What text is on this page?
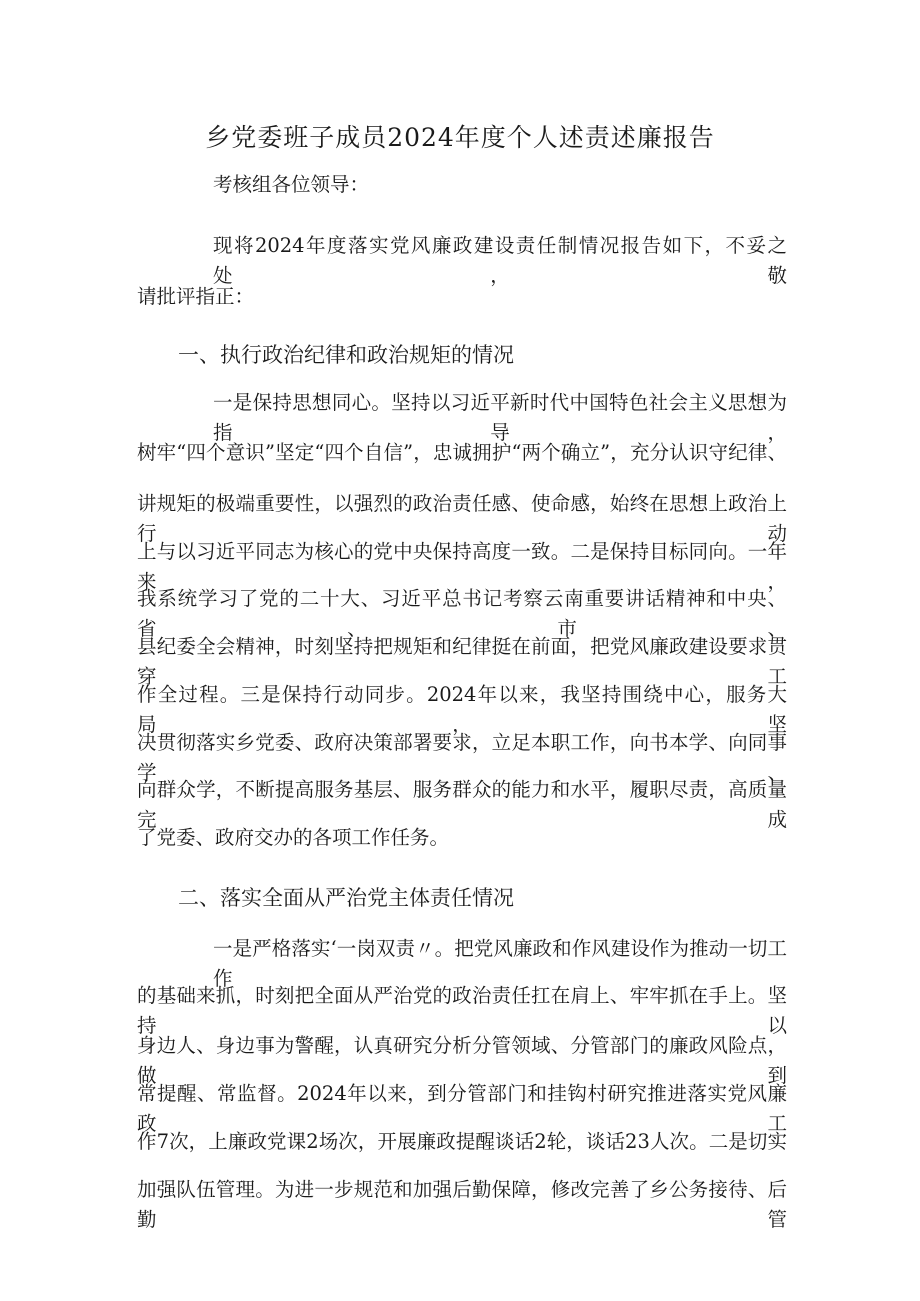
乡党委班子成员2024年度个人述责述廉报告
考核组各位领导：
现将2024年度落实党风廉政建设责任制情况报告如下，不妥之处，敬
请批评指正：
一、执行政治纪律和政治规矩的情况
一是保持思想同心。坚持以习近平新时代中国特色社会主义思想为指导，
树牢“四个意识”坚定“四个自信”，忠诚拥护“两个确立”，充分认识守纪律、
讲规矩的极端重要性，以强烈的政治责任感、使命感，始终在思想上政治上行动
上与以习近平同志为核心的党中央保持高度一致。二是保持目标同向。一年来，
我系统学习了党的二十大、习近平总书记考察云南重要讲话精神和中央、省、市、
县纪委全会精神，时刻坚持把规矩和纪律挺在前面，把党风廉政建设要求贯穿工
作全过程。三是保持行动同步。2024年以来，我坚持围绕中心，服务大局，坚
决贯彻落实乡党委、政府决策部署要求，立足本职工作，向书本学、向同事学、
向群众学，不断提高服务基层、服务群众的能力和水平，履职尽责，高质量完成
了党委、政府交办的各项工作任务。
二、落实全面从严治党主体责任情况
一是严格落实‘一岗双责〃。把党风廉政和作风建设作为推动一切工作
的基础来抓，时刻把全面从严治党的政治责任扛在肩上、牢牢抓在手上。坚持以
身边人、身边事为警醒，认真研究分析分管领域、分管部门的廉政风险点，做到
常提醒、常监督。2024年以来，到分管部门和挂钩村研究推进落实党风廉政工
作7次，上廉政党课2场次，开展廉政提醒谈话2轮，谈话23人次。二是切实
加强队伍管理。为进一步规范和加强后勤保障，修改完善了乡公务接待、后勤管
